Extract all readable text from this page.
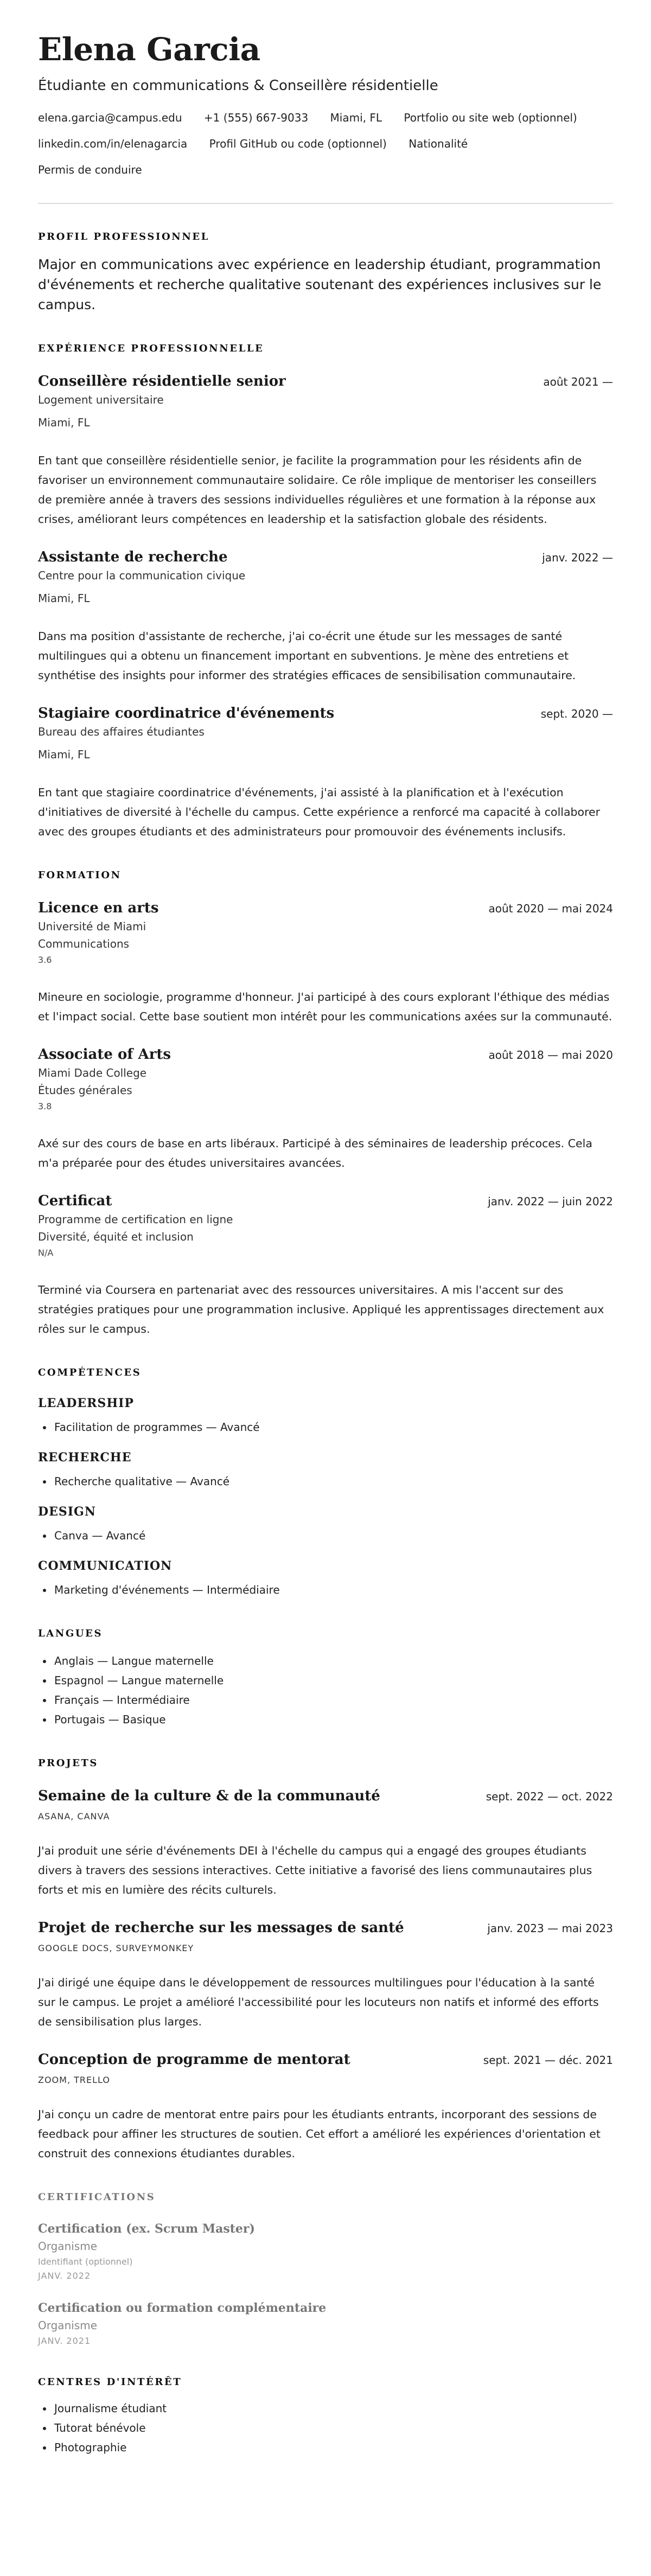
Elena Garcia
Étudiante en communications & Conseillère résidentielle
elena.garcia@campus.edu +1 (555) 667-9033 Miami, FL Portfolio ou site web (optionnel)
linkedin.com/in/elenagarcia Profil GitHub ou code (optionnel) Nationalité
Permis de conduire
PROFIL PROFESSIONNEL
Major en communications avec expérience en leadership étudiant, programmation d'événements et recherche qualitative soutenant des expériences inclusives sur le campus.
EXPÉRIENCE PROFESSIONNELLE
Conseillère résidentielle senior	août 2021 —
Logement universitaire
Miami, FL
En tant que conseillère résidentielle senior, je facilite la programmation pour les résidents afin de favoriser un environnement communautaire solidaire. Ce rôle implique de mentoriser les conseillers de première année à travers des sessions individuelles régulières et une formation à la réponse aux crises, améliorant leurs compétences en leadership et la satisfaction globale des résidents.
Assistante de recherche	janv. 2022 —
Centre pour la communication civique
Miami, FL
Dans ma position d'assistante de recherche, j'ai co-écrit une étude sur les messages de santé multilingues qui a obtenu un financement important en subventions. Je mène des entretiens et synthétise des insights pour informer des stratégies efficaces de sensibilisation communautaire.
Stagiaire coordinatrice d'événements	sept. 2020 —
Bureau des affaires étudiantes
Miami, FL
En tant que stagiaire coordinatrice d'événements, j'ai assisté à la planification et à l'exécution d'initiatives de diversité à l'échelle du campus. Cette expérience a renforcé ma capacité à collaborer avec des groupes étudiants et des administrateurs pour promouvoir des événements inclusifs.
FORMATION
Licence en arts	août 2020 — mai 2024
Université de Miami
Communications
3.6
Mineure en sociologie, programme d'honneur. J'ai participé à des cours explorant l'éthique des médias et l'impact social. Cette base soutient mon intérêt pour les communications axées sur la communauté.
Associate of Arts	août 2018 — mai 2020
Miami Dade College
Études générales
3.8
Axé sur des cours de base en arts libéraux. Participé à des séminaires de leadership précoces. Cela m'a préparée pour des études universitaires avancées.
Certificat	janv. 2022 — juin 2022
Programme de certification en ligne
Diversité, équité et inclusion
N/A
Terminé via Coursera en partenariat avec des ressources universitaires. A mis l'accent sur des stratégies pratiques pour une programmation inclusive. Appliqué les apprentissages directement aux rôles sur le campus.
COMPÉTENCES
LEADERSHIP
• Facilitation de programmes — Avancé
RECHERCHE
• Recherche qualitative — Avancé
DESIGN
• Canva — Avancé
COMMUNICATION
• Marketing d'événements — Intermédiaire
LANGUES
• Anglais — Langue maternelle
• Espagnol — Langue maternelle
• Français — Intermédiaire
• Portugais — Basique
PROJETS
Semaine de la culture & de la communauté	sept. 2022 — oct. 2022
ASANA, CANVA
J'ai produit une série d'événements DEI à l'échelle du campus qui a engagé des groupes étudiants divers à travers des sessions interactives. Cette initiative a favorisé des liens communautaires plus forts et mis en lumière des récits culturels.
Projet de recherche sur les messages de santé	janv. 2023 — mai 2023
GOOGLE DOCS, SURVEYMONKEY
J'ai dirigé une équipe dans le développement de ressources multilingues pour l'éducation à la santé sur le campus. Le projet a amélioré l'accessibilité pour les locuteurs non natifs et informé des efforts de sensibilisation plus larges.
Conception de programme de mentorat	sept. 2021 — déc. 2021
ZOOM, TRELLO
J'ai conçu un cadre de mentorat entre pairs pour les étudiants entrants, incorporant des sessions de feedback pour affiner les structures de soutien. Cet effort a amélioré les expériences d'orientation et construit des connexions étudiantes durables.
CERTIFICATIONS
Certification (ex. Scrum Master)
Organisme
Identifiant (optionnel)
JANV. 2022
Certification ou formation complémentaire
Organisme
JANV. 2021
CENTRES D'INTÉRÊT
• Journalisme étudiant
• Tutorat bénévole
• Photographie
